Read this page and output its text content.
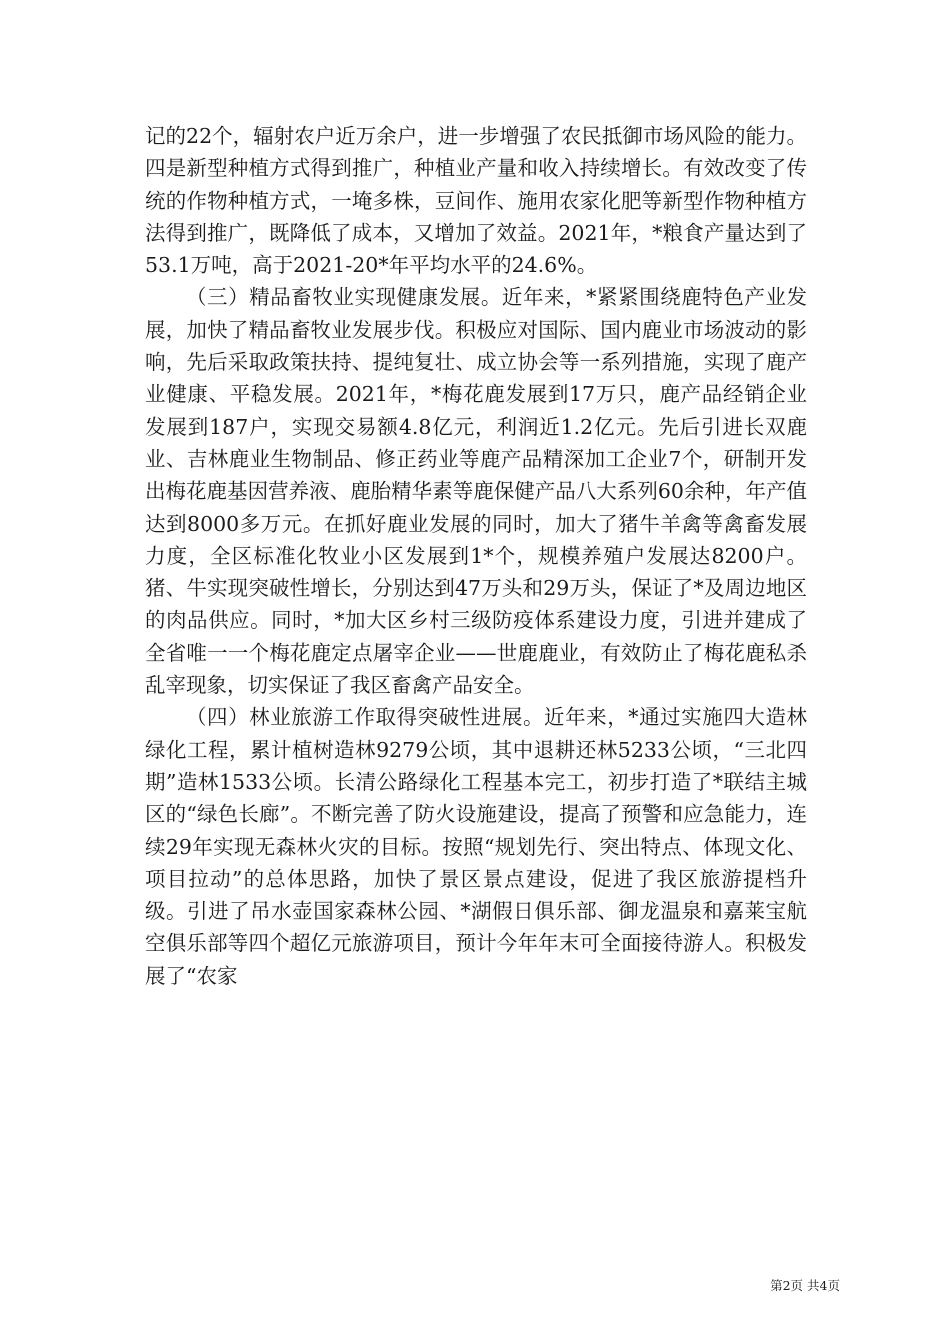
记的22个，辐射农户近万余户，进一步增强了农民抵御市场风险的能力。四是新型种植方式得到推广，种植业产量和收入持续增长。有效改变了传统的作物种植方式，一埯多株，豆间作、施用农家化肥等新型作物种植方法得到推广，既降低了成本，又增加了效益。2021年，*粮食产量达到了53.1万吨，高于2021-20*年平均水平的24.6%。

（三）精品畜牧业实现健康发展。近年来，*紧紧围绕鹿特色产业发展，加快了精品畜牧业发展步伐。积极应对国际、国内鹿业市场波动的影响，先后采取政策扶持、提纯复壮、成立协会等一系列措施，实现了鹿产业健康、平稳发展。2021年，*梅花鹿发展到17万只，鹿产品经销企业发展到187户，实现交易额4.8亿元，利润近1.2亿元。先后引进长双鹿业、吉林鹿业生物制品、修正药业等鹿产品精深加工企业7个，研制开发出梅花鹿基因营养液、鹿胎精华素等鹿保健产品八大系列60余种，年产值达到8000多万元。在抓好鹿业发展的同时，加大了猪牛羊禽等禽畜发展力度，全区标准化牧业小区发展到1*个，规模养殖户发展达8200户。猪、牛实现突破性增长，分别达到47万头和29万头，保证了*及周边地区的肉品供应。同时，*加大区乡村三级防疫体系建设力度，引进并建成了全省唯一一个梅花鹿定点屠宰企业——世鹿鹿业，有效防止了梅花鹿私杀乱宰现象，切实保证了我区畜禽产品安全。

（四）林业旅游工作取得突破性进展。近年来，*通过实施四大造林绿化工程，累计植树造林9279公顷，其中退耕还林5233公顷，“三北四期”造林1533公顷。长清公路绿化工程基本完工，初步打造了*联结主城区的“绿色长廊”。不断完善了防火设施建设，提高了预警和应急能力，连续29年实现无森林火灾的目标。按照“规划先行、突出特点、体现文化、项目拉动”的总体思路，加快了景区景点建设，促进了我区旅游提档升级。引进了吊水壶国家森林公园、*湖假日俱乐部、御龙温泉和嘉莱宝航空俱乐部等四个超亿元旅游项目，预计今年年末可全面接待游人。积极发展了“农家

第2页 共4页
